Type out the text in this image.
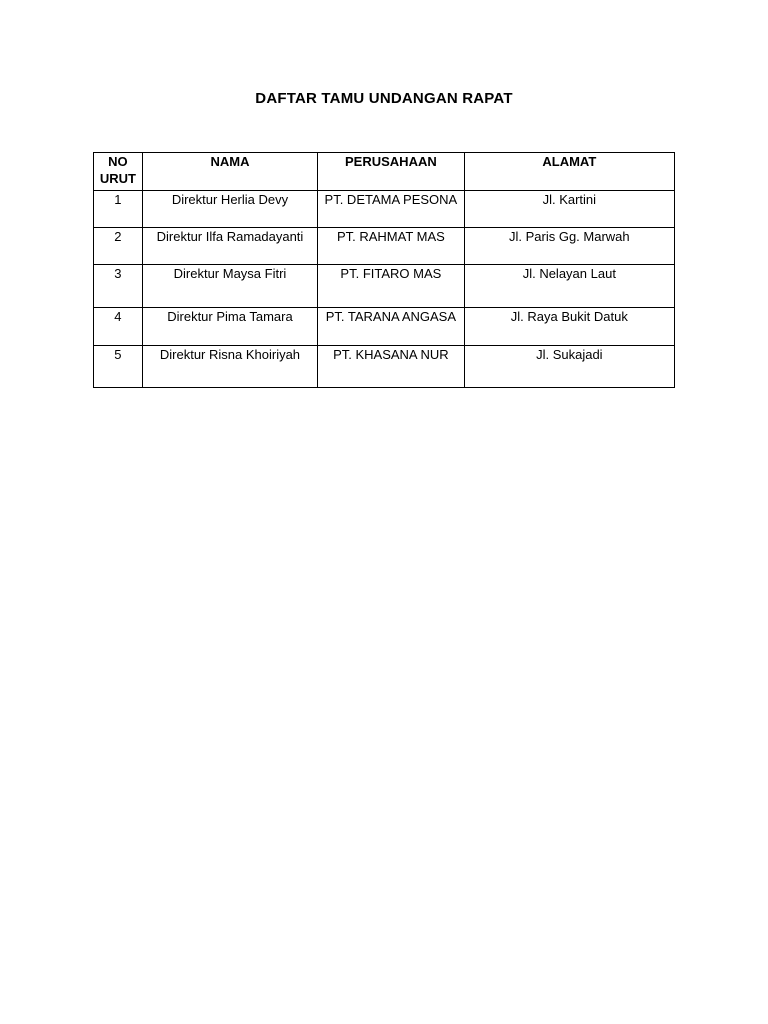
DAFTAR TAMU UNDANGAN RAPAT
NO URUT	NAMA	PERUSAHAAN	ALAMAT
1	Direktur Herlia Devy	PT. DETAMA PESONA	Jl. Kartini
2	Direktur Ilfa Ramadayanti	PT. RAHMAT MAS	Jl. Paris Gg. Marwah
3	Direktur Maysa Fitri	PT. FITARO MAS	Jl. Nelayan Laut
4	Direktur Pima Tamara	PT. TARANA ANGASA	Jl. Raya Bukit Datuk
5	Direktur Risna Khoiriyah	PT. KHASANA NUR	Jl. Sukajadi
